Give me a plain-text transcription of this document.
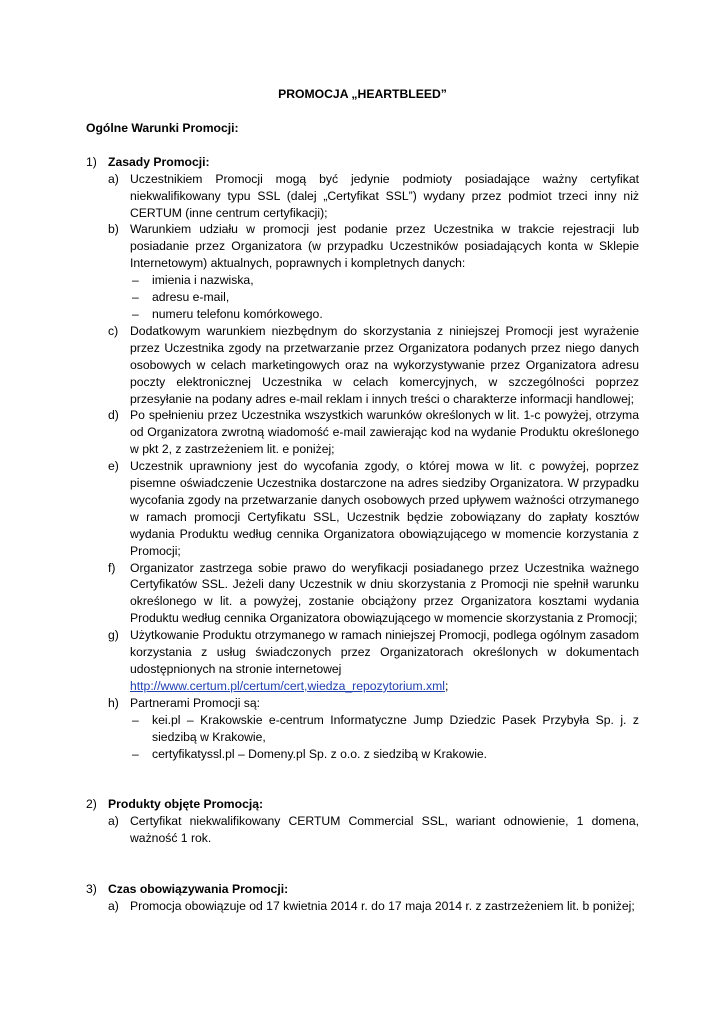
PROMOCJA „HEARTBLEED”

Ogólne Warunki Promocji:

1) Zasady Promocji:
a) Uczestnikiem Promocji mogą być jedynie podmioty posiadające ważny certyfikat niekwalifikowany typu SSL (dalej „Certyfikat SSL”) wydany przez podmiot trzeci inny niż CERTUM (inne centrum certyfikacji);
b) Warunkiem udziału w promocji jest podanie przez Uczestnika w trakcie rejestracji lub posiadanie przez Organizatora (w przypadku Uczestników posiadających konta w Sklepie Internetowym) aktualnych, poprawnych i kompletnych danych:
– imienia i nazwiska,
– adresu e-mail,
– numeru telefonu komórkowego.
c) Dodatkowym warunkiem niezbędnym do skorzystania z niniejszej Promocji jest wyrażenie przez Uczestnika zgody na przetwarzanie przez Organizatora podanych przez niego danych osobowych w celach marketingowych oraz na wykorzystywanie przez Organizatora adresu poczty elektronicznej Uczestnika w celach komercyjnych, w szczególności poprzez przesyłanie na podany adres e-mail reklam i innych treści o charakterze informacji handlowej;
d) Po spełnieniu przez Uczestnika wszystkich warunków określonych w lit. 1-c powyżej, otrzyma od Organizatora zwrotną wiadomość e-mail zawierając kod na wydanie Produktu określonego w pkt 2, z zastrzeżeniem lit. e poniżej;
e) Uczestnik uprawniony jest do wycofania zgody, o której mowa w lit. c powyżej, poprzez pisemne oświadczenie Uczestnika dostarczone na adres siedziby Organizatora. W przypadku wycofania zgody na przetwarzanie danych osobowych przed upływem ważności otrzymanego w ramach promocji Certyfikatu SSL, Uczestnik będzie zobowiązany do zapłaty kosztów wydania Produktu według cennika Organizatora obowiązującego w momencie korzystania z Promocji;
f) Organizator zastrzega sobie prawo do weryfikacji posiadanego przez Uczestnika ważnego Certyfikatów SSL. Jeżeli dany Uczestnik w dniu skorzystania z Promocji nie spełnił warunku określonego w lit. a powyżej, zostanie obciążony przez Organizatora kosztami wydania Produktu według cennika Organizatora obowiązującego w momencie skorzystania z Promocji;
g) Użytkowanie Produktu otrzymanego w ramach niniejszej Promocji, podlega ogólnym zasadom korzystania z usług świadczonych przez Organizatorach określonych w dokumentach udostępnionych na stronie internetowej
http://www.certum.pl/certum/cert,wiedza_repozytorium.xml;
h) Partnerami Promocji są:
– kei.pl – Krakowskie e-centrum Informatyczne Jump Dziedzic Pasek Przybyła Sp. j. z siedzibą w Krakowie,
– certyfikatyssl.pl – Domeny.pl Sp. z o.o. z siedzibą w Krakowie.
2) Produkty objęte Promocją:
a) Certyfikat niekwalifikowany CERTUM Commercial SSL, wariant odnowienie, 1 domena, ważność 1 rok.
3) Czas obowiązywania Promocji:
a) Promocja obowiązuje od 17 kwietnia 2014 r. do 17 maja 2014 r. z zastrzeżeniem lit. b poniżej;
